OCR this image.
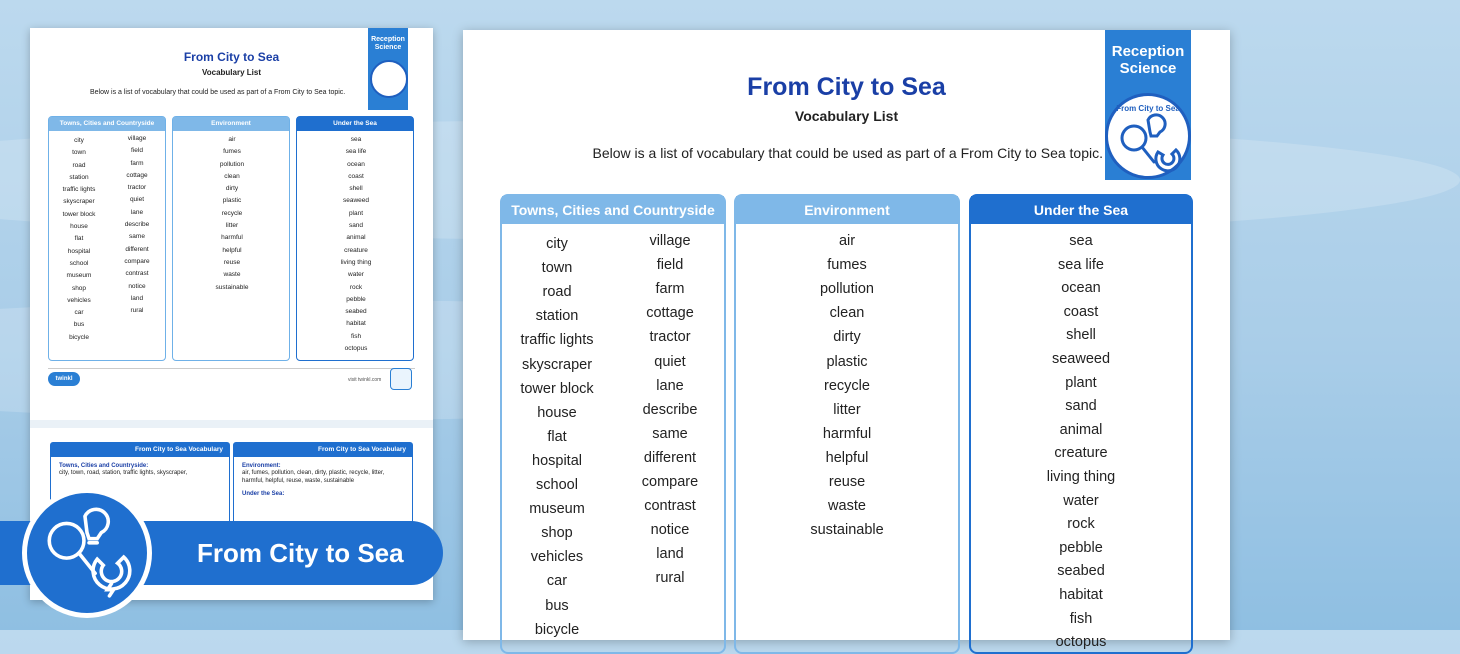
From City to Sea
Vocabulary List
Below is a list of vocabulary that could be used as part of a From City to Sea topic.
Reception
Science
Towns, Cities and Countryside
city
town
road
station
traffic lights
skyscraper
tower block
house
flat
hospital
school
museum
shop
vehicles
car
bus
bicycle
village
field
farm
cottage
tractor
quiet
lane
describe
same
different
compare
contrast
notice
land
rural
Environment
air
fumes
pollution
clean
dirty
plastic
recycle
litter
harmful
helpful
reuse
waste
sustainable
Under the Sea
sea
sea life
ocean
coast
shell
seaweed
plant
sand
animal
creature
living thing
water
rock
pebble
seabed
habitat
fish
octopus
twinkl	visit twinkl.com
From City to Sea Vocabulary
Towns, Cities and Countryside:
city, town, road, station, traffic lights, skyscraper,
From City to Sea Vocabulary
Environment:
air, fumes, pollution, clean, dirty, plastic, recycle, litter, harmful, helpful, reuse, waste, sustainable
Under the Sea:
From City to Sea
From City to Sea
Vocabulary List
Below is a list of vocabulary that could be used as part of a From City to Sea topic.
Reception
Science
From City to Sea
Towns, Cities and Countryside
city
town
road
station
traffic lights
skyscraper
tower block
house
flat
hospital
school
museum
shop
vehicles
car
bus
bicycle
village
field
farm
cottage
tractor
quiet
lane
describe
same
different
compare
contrast
notice
land
rural
Environment
air
fumes
pollution
clean
dirty
plastic
recycle
litter
harmful
helpful
reuse
waste
sustainable
Under the Sea
sea
sea life
ocean
coast
shell
seaweed
plant
sand
animal
creature
living thing
water
rock
pebble
seabed
habitat
fish
octopus
